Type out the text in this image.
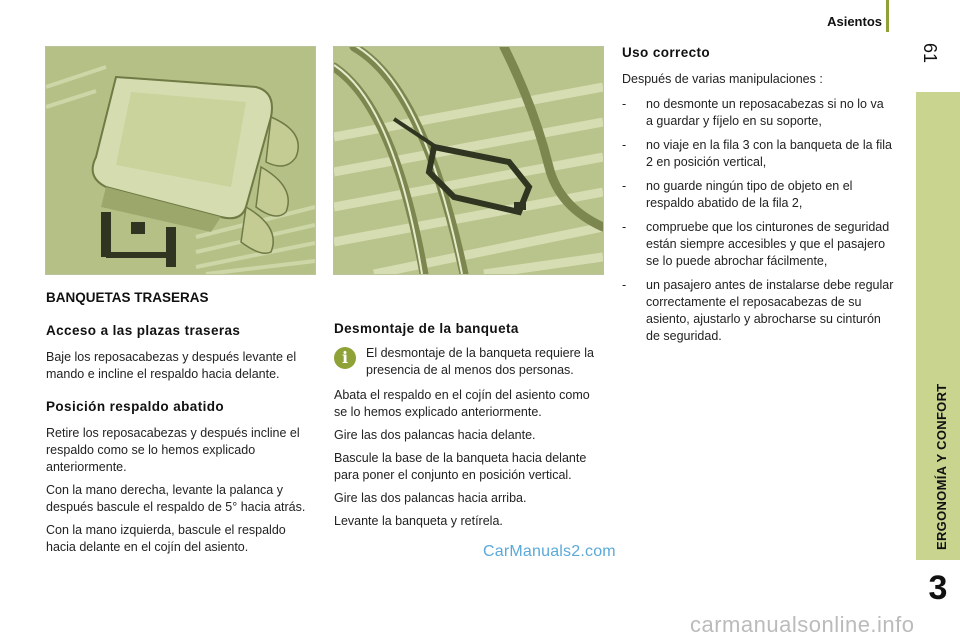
Asientos
61
ERGONOMÍA Y CONFORT
3
BANQUETAS TRASERAS
Acceso a las plazas traseras

Baje los reposacabezas y después levante el mando e incline el respaldo hacia delante.

Posición respaldo abatido

Retire los reposacabezas y después incline el respaldo como se lo hemos explicado anteriormente.

Con la mano derecha, levante la palanca y después bascule el respaldo de 5° hacia atrás.

Con la mano izquierda, bascule el respaldo hacia delante en el cojín del asiento.

Desmontaje de la banqueta
i	El desmontaje de la banqueta requiere la presencia de al menos dos personas.

Abata el respaldo en el cojín del asiento como se lo hemos explicado anteriormente.

Gire las dos palancas hacia delante.

Bascule la base de la banqueta hacia delante para poner el conjunto en posición vertical.

Gire las dos palancas hacia arriba.

Levante la banqueta y retírela.

Uso correcto

Después de varias manipulaciones :

- no desmonte un reposacabezas si no lo va a guardar y fíjelo en su soporte,
- no viaje en la fila 3 con la banqueta de la fila 2 en posición vertical,
- no guarde ningún tipo de objeto en el respaldo abatido de la fila 2,
- compruebe que los cinturones de seguridad están siempre accesibles y que el pasajero se lo puede abrochar fácilmente,
- un pasajero antes de instalarse debe regular correctamente el reposacabezas de su asiento, ajustarlo y abrocharse su cinturón de seguridad.
CarManuals2.com
carmanualsonline.info
